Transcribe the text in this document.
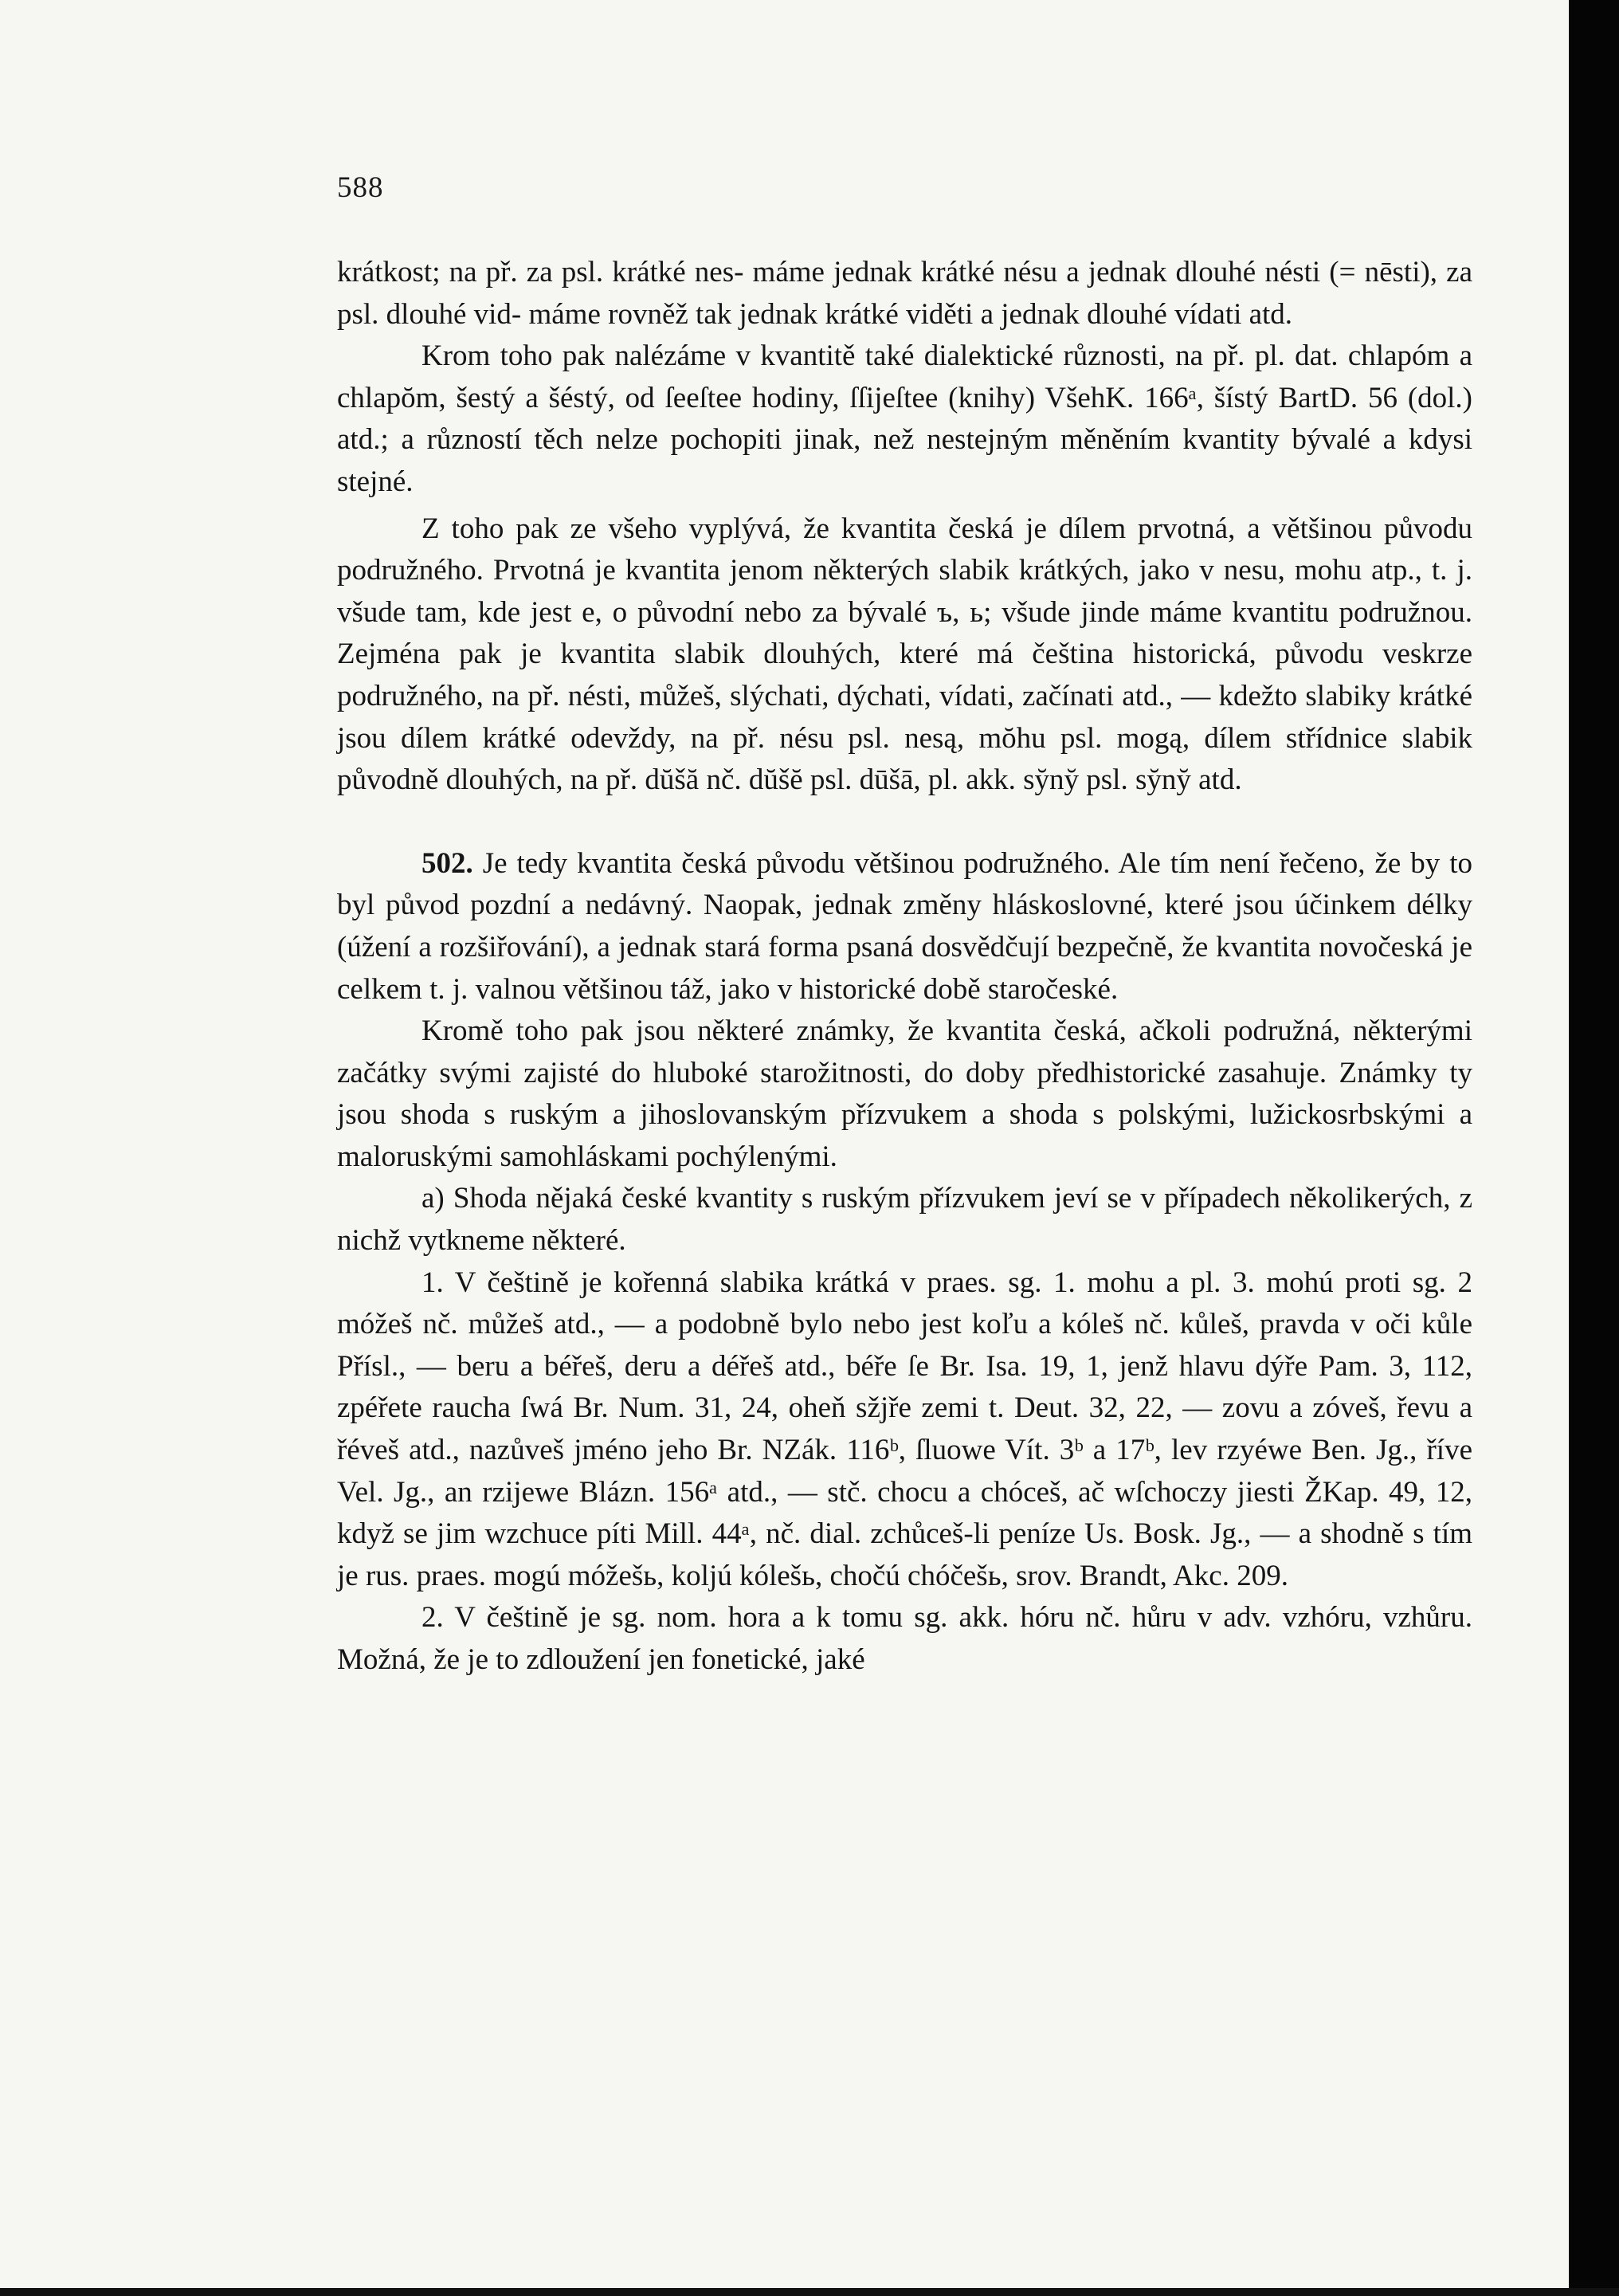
588

krátkost; na př. za psl. krátké nes- máme jednak krátké nésu a jednak dlouhé nésti (= nēsti), za psl. dlouhé vid- máme rovněž tak jednak krátké viděti a jednak dlouhé vídati atd.

Krom toho pak nalézáme v kvantitě také dialektické různosti, na př. pl. dat. chlapóm a chlapŏm, šestý a šéstý, od ſeeſtee hodiny, ſſijeſtee (knihy) VšehK. 166ᵃ, šístý BartD. 56 (dol.) atd.; a růzností těch nelze pochopiti jinak, než nestejným měněním kvantity bývalé a kdysi stejné.

Z toho pak ze všeho vyplývá, že kvantita česká je dílem prvotná, a většinou původu podružného. Prvotná je kvantita jenom některých slabik krátkých, jako v nesu, mohu atp., t. j. všude tam, kde jest e, o původní nebo za bývalé ъ, ь; všude jinde máme kvantitu podružnou. Zejména pak je kvantita slabik dlouhých, které má čeština historická, původu veskrze podružného, na př. nésti, můžeš, slýchati, dýchati, vídati, začínati atd., — kdežto slabiky krátké jsou dílem krátké odevždy, na př. nésu psl. nesą, mŏhu psl. mogą, dílem střídnice slabik původně dlouhých, na př. dŭšă nč. dŭšĕ psl. dūšā, pl. akk. sy̆ny̆ psl. sy̆ny̆ atd.

502. Je tedy kvantita česká původu většinou podružného. Ale tím není řečeno, že by to byl původ pozdní a nedávný. Naopak, jednak změny hláskoslovné, které jsou účinkem délky (úžení a rozšiřování), a jednak stará forma psaná dosvědčují bezpečně, že kvantita novočeská je celkem t. j. valnou většinou táž, jako v historické době staročeské.

Kromě toho pak jsou některé známky, že kvantita česká, ačkoli podružná, některými začátky svými zajisté do hluboké starožitnosti, do doby předhistorické zasahuje. Známky ty jsou shoda s ruským a jihoslovanským přízvukem a shoda s polskými, lužickosrbskými a maloruskými samohláskami pochýlenými.

a) Shoda nějaká české kvantity s ruským přízvukem jeví se v případech několikerých, z nichž vytkneme některé.

1. V češtině je kořenná slabika krátká v praes. sg. 1. mohu a pl. 3. mohú proti sg. 2 móžeš nč. můžeš atd., — a podobně bylo nebo jest koľu a kóleš nč. kůleš, pravda v oči kůle Přísl., — beru a béřeš, deru a déřeš atd., béře ſe Br. Isa. 19, 1, jenž hlavu dýře Pam. 3, 112, zpéřete raucha ſwá Br. Num. 31, 24, oheň sžjře zemi t. Deut. 32, 22, — zovu a zóveš, řevu a řéveš atd., nazůveš jméno jeho Br. NZák. 116ᵇ, ſluowe Vít. 3ᵇ a 17ᵇ, lev rzyéwe Ben. Jg., říve Vel. Jg., an rzijewe Blázn. 156ᵃ atd., — stč. chocu a chóceš, ač wſchoczy jiesti ŽKap. 49, 12, když se jim wzchuce píti Mill. 44ᵃ, nč. dial. zchůceš-li peníze Us. Bosk. Jg., — a shodně s tím je rus. praes. mogú móžešь, koljú kólešь, chočú chóčešь, srov. Brandt, Akc. 209.

2. V češtině je sg. nom. hora a k tomu sg. akk. hóru nč. hůru v adv. vzhóru, vzhůru. Možná, že je to zdloužení jen fonetické, jaké
